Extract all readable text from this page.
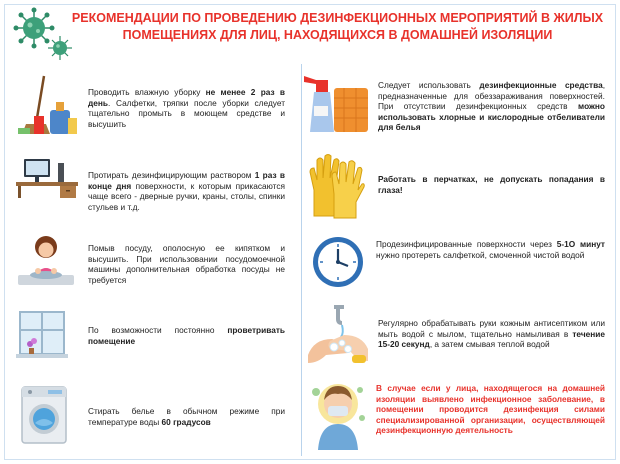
РЕКОМЕНДАЦИИ ПО ПРОВЕДЕНИЮ ДЕЗИНФЕКЦИОННЫХ МЕРОПРИЯТИЙ В ЖИЛЫХ
ПОМЕЩЕНИЯХ ДЛЯ ЛИЦ, НАХОДЯЩИХСЯ В ДОМАШНЕЙ ИЗОЛЯЦИИ
Проводить влажную уборку не менее 2 раз в день. Салфетки, тряпки после уборки следует тщательно промыть в моющем средстве и высушить
Протирать дезинфицирующим раствором 1 раз в конце дня поверхности, к которым прикасаются чаще всего - дверные ручки, краны, столы, спинки стульев и т.д.
Помыв посуду, ополосную ее кипятком и высушить. При использовании посудомоечной машины дополнительная обработка посуды не требуется
По возможности постоянно проветривать помещение
Стирать белье в обычном режиме при температуре воды 60 градусов
Следует использовать дезинфекционные средства, предназначенные для обеззараживания поверхностей. При отсутствии дезинфекционных средств можно использовать хлорные и кислородные отбеливатели для белья
Работать в перчатках, не допускать попадания в глаза!
Продезинфицированные поверхности через 5-1О минут нужно протереть салфеткой, смоченной чистой водой
Регулярно обрабатывать руки кожным антисептиком или мыть водой с мылом, тщательно намыливая в течение 15-20 секунд, а затем смывая теплой водой
В случае если у лица, находящегося на домашней изоляции выявлено инфекционное заболевание, в помещении проводится дезинфекция силами специализированной организации, осуществляющей дезинфекционную деятельность
